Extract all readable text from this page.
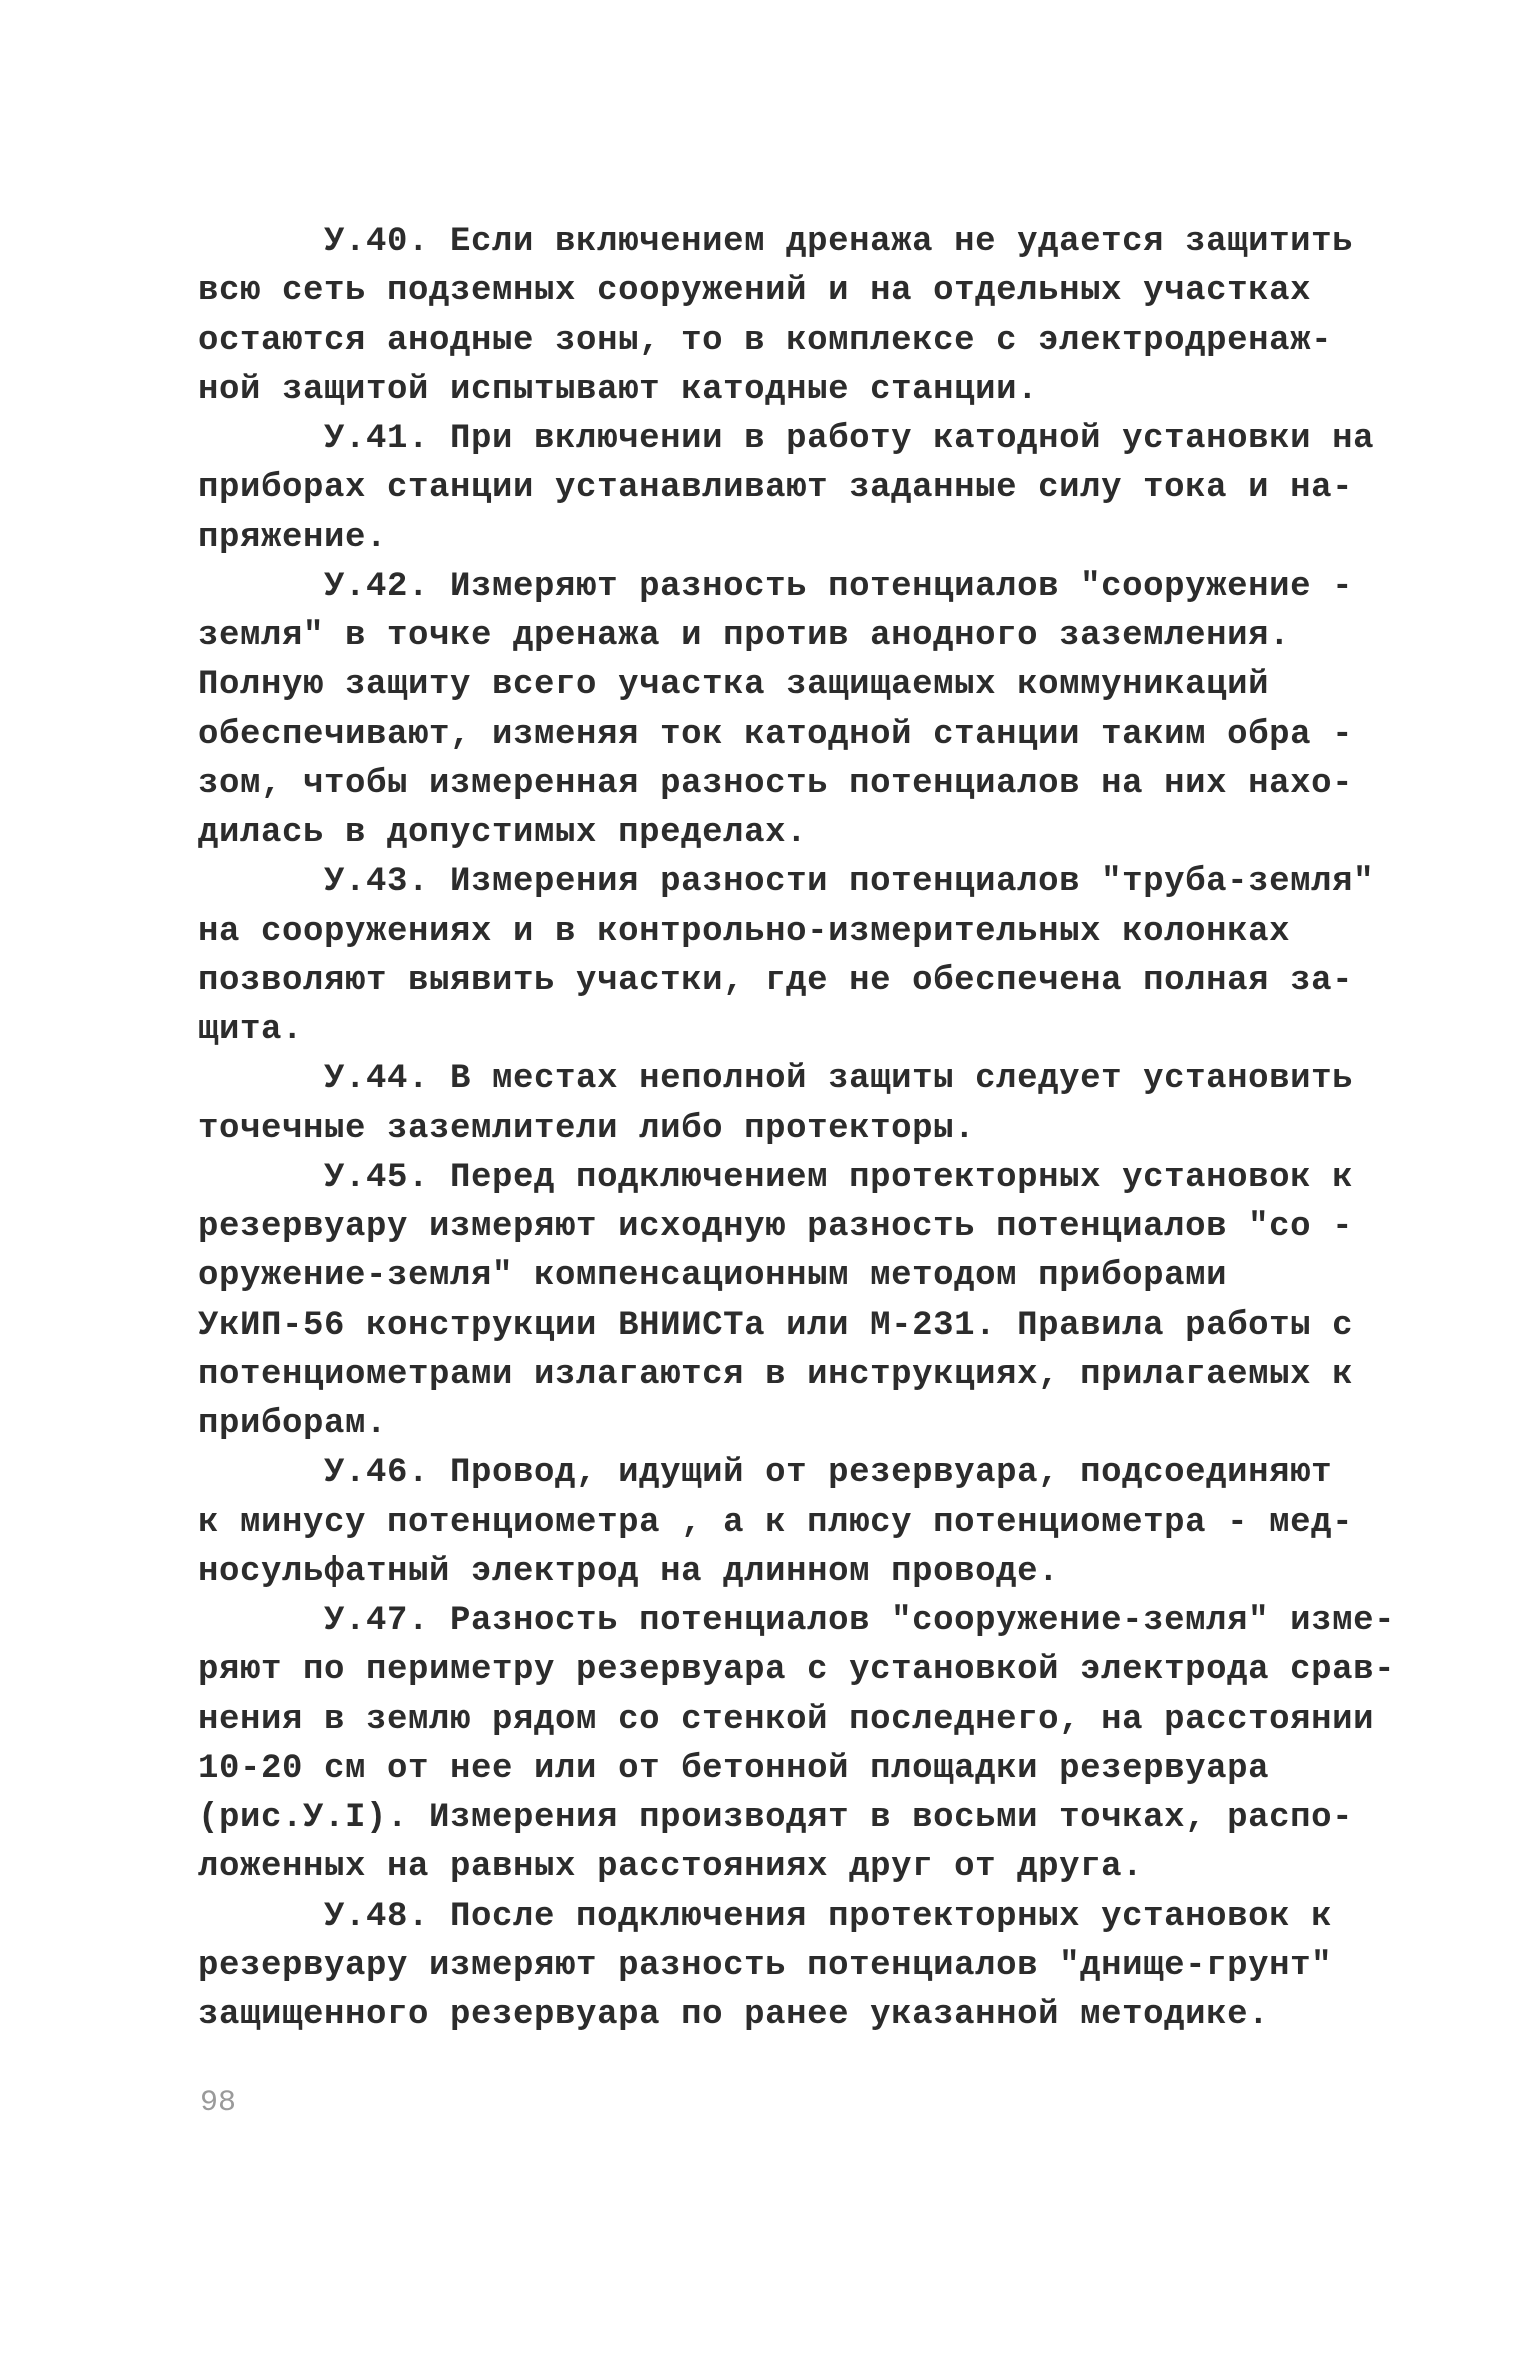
У.40. Если включением дренажа не удается защитить
всю сеть подземных сооружений и на отдельных участках
остаются анодные зоны, то в комплексе с электродренаж-
ной защитой испытывают катодные станции.
У.41. При включении в работу катодной установки на
приборах станции устанавливают заданные силу тока и на-
пряжение.
У.42. Измеряют разность потенциалов "сооружение -
земля" в точке дренажа и против анодного заземления.
Полную защиту всего участка защищаемых коммуникаций
обеспечивают, изменяя ток катодной станции таким обра -
зом, чтобы измеренная разность потенциалов на них нахо-
дилась в допустимых пределах.
У.43. Измерения разности потенциалов "труба-земля"
на сооружениях и в контрольно-измерительных колонках
позволяют выявить участки, где не обеспечена полная за-
щита.
У.44. В местах неполной защиты следует установить
точечные заземлители либо протекторы.
У.45. Перед подключением протекторных установок к
резервуару измеряют исходную разность потенциалов "со -
оружение-земля" компенсационным методом приборами
УкИП-56 конструкции ВНИИСТа или М-231. Правила работы с
потенциометрами излагаются в инструкциях, прилагаемых к
приборам.
У.46. Провод, идущий от резервуара, подсоединяют
к минусу потенциометра , а к плюсу потенциометра - мед-
носульфатный электрод на длинном проводе.
У.47. Разность потенциалов "сооружение-земля" изме-
ряют по периметру резервуара с установкой электрода срав-
нения в землю рядом со стенкой последнего, на расстоянии
10-20 см от нее или от бетонной площадки резервуара
(рис.У.I). Измерения производят в восьми точках, распо-
ложенных на равных расстояниях друг от друга.
У.48. После подключения протекторных установок к
резервуару измеряют разность потенциалов "днище-грунт"
защищенного резервуара по ранее указанной методике.
98
